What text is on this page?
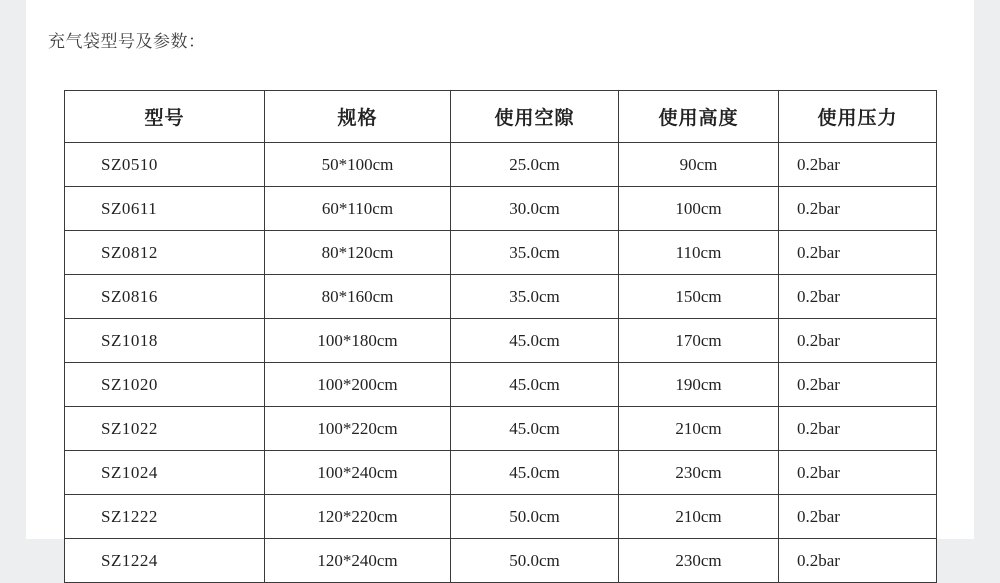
充气袋型号及参数：
型号	规格	使用空隙	使用高度	使用压力
SZ0510	50*100cm	25.0cm	90cm	0.2bar
SZ0611	60*110cm	30.0cm	100cm	0.2bar
SZ0812	80*120cm	35.0cm	110cm	0.2bar
SZ0816	80*160cm	35.0cm	150cm	0.2bar
SZ1018	100*180cm	45.0cm	170cm	0.2bar
SZ1020	100*200cm	45.0cm	190cm	0.2bar
SZ1022	100*220cm	45.0cm	210cm	0.2bar
SZ1024	100*240cm	45.0cm	230cm	0.2bar
SZ1222	120*220cm	50.0cm	210cm	0.2bar
SZ1224	120*240cm	50.0cm	230cm	0.2bar
